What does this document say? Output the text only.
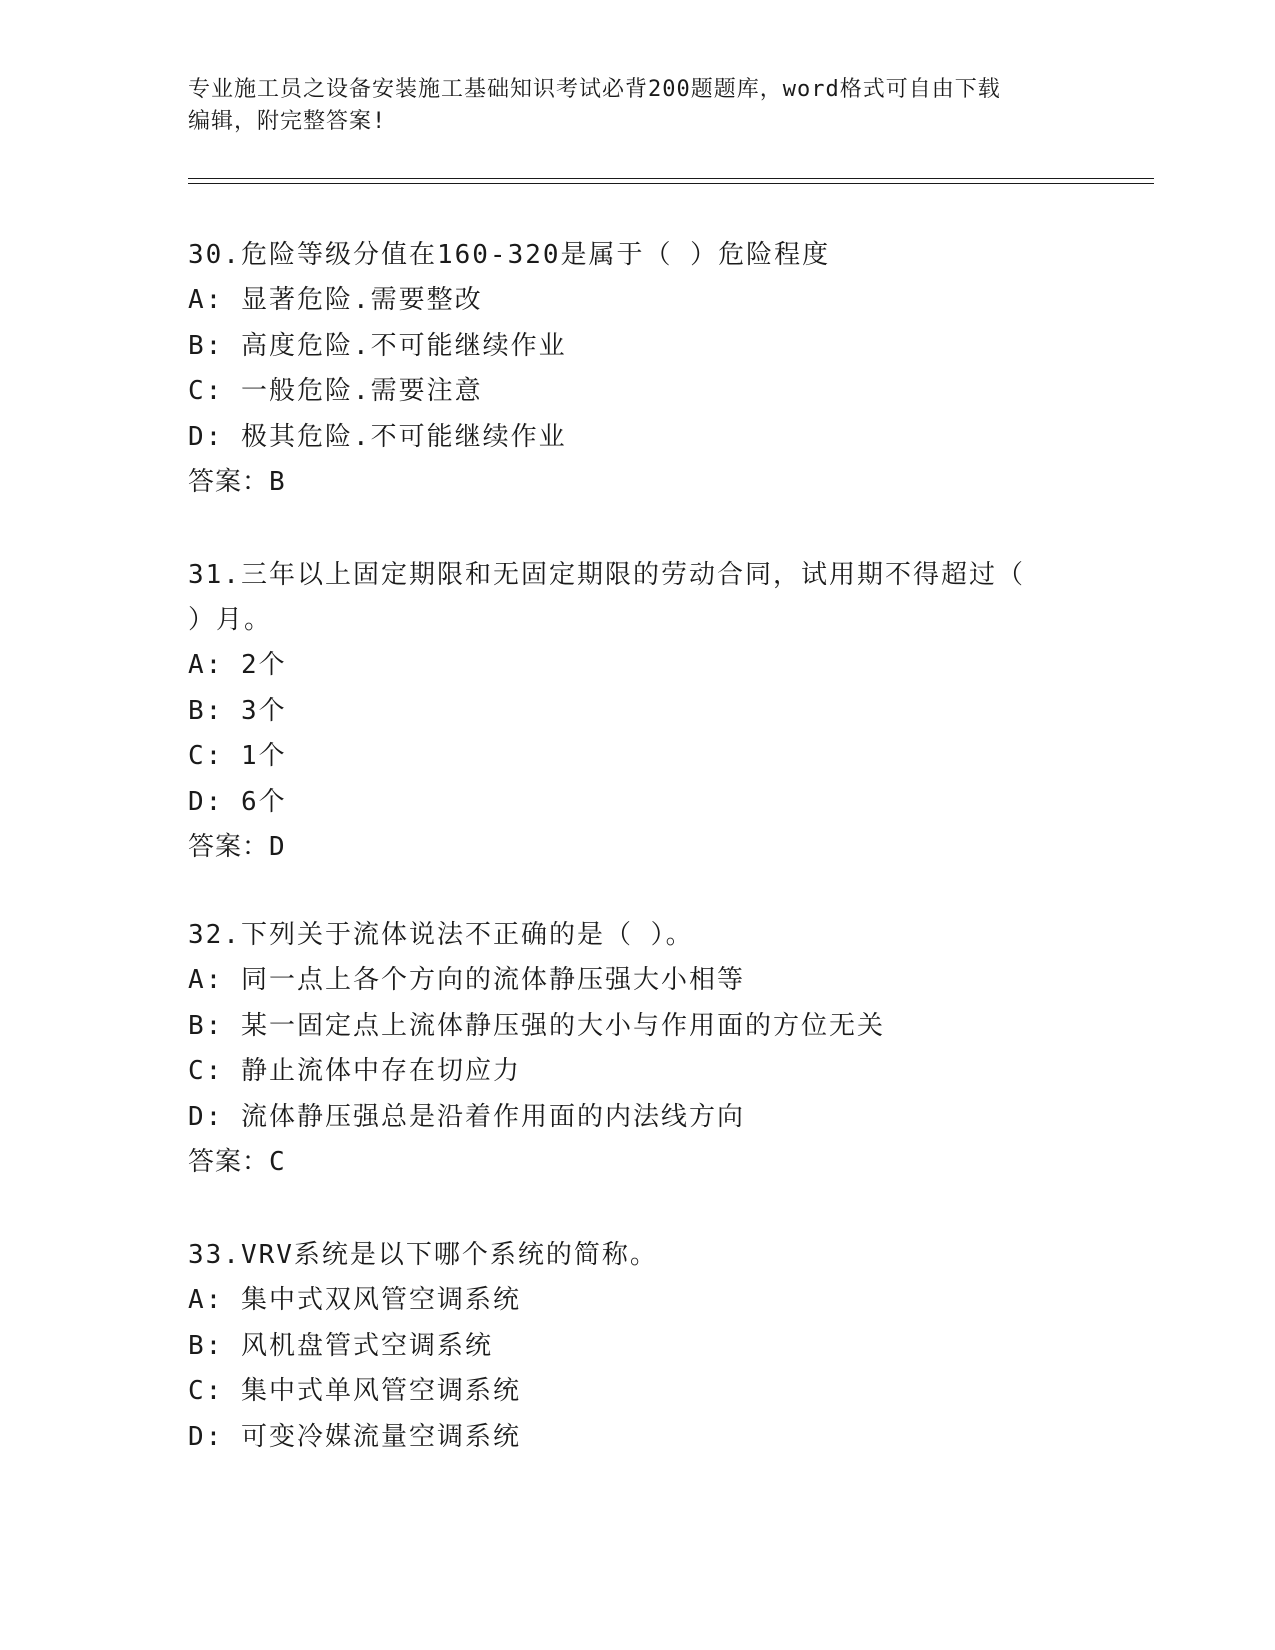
专业施工员之设备安装施工基础知识考试必背200题题库，word格式可自由下载
编辑，附完整答案!

30.危险等级分值在160-320是属于（ ）危险程度

A: 显著危险.需要整改

B: 高度危险.不可能继续作业

C: 一般危险.需要注意

D: 极其危险.不可能继续作业

答案：B

31.三年以上固定期限和无固定期限的劳动合同，试用期不得超过（

）月。

A: 2个

B: 3个

C: 1个

D: 6个

答案：D

32.下列关于流体说法不正确的是（ ）。

A: 同一点上各个方向的流体静压强大小相等

B: 某一固定点上流体静压强的大小与作用面的方位无关

C: 静止流体中存在切应力

D: 流体静压强总是沿着作用面的内法线方向

答案：C

33.VRV系统是以下哪个系统的简称。

A: 集中式双风管空调系统

B: 风机盘管式空调系统

C: 集中式单风管空调系统

D: 可变冷媒流量空调系统
